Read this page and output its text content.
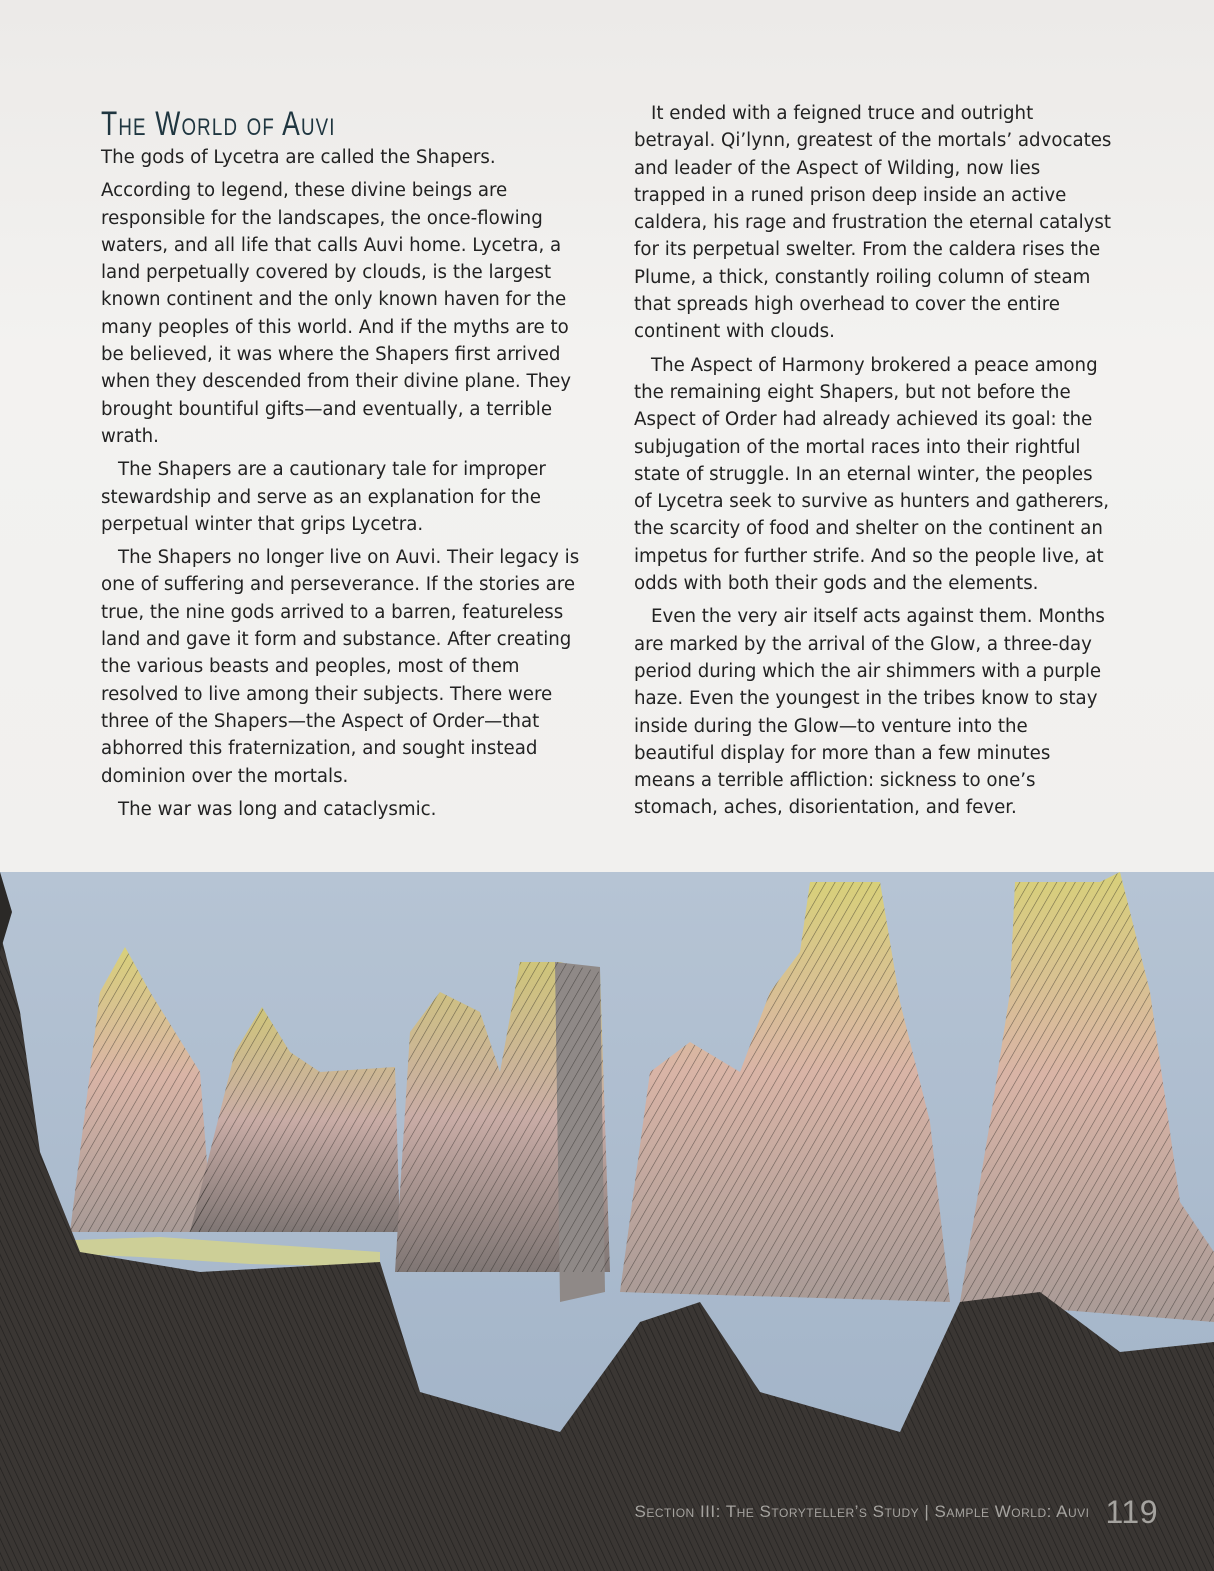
The World of Auvi

The gods of Lycetra are called the Shapers.

According to legend, these divine beings are responsible for the landscapes, the once-flowing waters, and all life that calls Auvi home. Lycetra, a land perpetually covered by clouds, is the largest known continent and the only known haven for the many peoples of this world. And if the myths are to be believed, it was where the Shapers first arrived when they descended from their divine plane. They brought bountiful gifts—and eventually, a terrible wrath.

The Shapers are a cautionary tale for improper stewardship and serve as an explanation for the perpetual winter that grips Lycetra.

The Shapers no longer live on Auvi. Their legacy is one of suffering and perseverance. If the stories are true, the nine gods arrived to a barren, featureless land and gave it form and substance. After creating the various beasts and peoples, most of them resolved to live among their subjects. There were three of the Shapers—the Aspect of Order—that abhorred this fraternization, and sought instead dominion over the mortals.

The war was long and cataclysmic.

It ended with a feigned truce and outright betrayal. Qi’lynn, greatest of the mortals’ advocates and leader of the Aspect of Wilding, now lies trapped in a runed prison deep inside an active caldera, his rage and frustration the eternal catalyst for its perpetual swelter. From the caldera rises the Plume, a thick, constantly roiling column of steam that spreads high overhead to cover the entire continent with clouds.

The Aspect of Harmony brokered a peace among the remaining eight Shapers, but not before the Aspect of Order had already achieved its goal: the subjugation of the mortal races into their rightful state of struggle. In an eternal winter, the peoples of Lycetra seek to survive as hunters and gatherers, the scarcity of food and shelter on the continent an impetus for further strife. And so the people live, at odds with both their gods and the elements.

Even the very air itself acts against them. Months are marked by the arrival of the Glow, a three-day period during which the air shimmers with a purple haze. Even the youngest in the tribes know to stay inside during the Glow—to venture into the beautiful display for more than a few minutes means a terrible affliction: sickness to one’s stomach, aches, disorientation, and fever.

Section III: The Storyteller’s Study | Sample World: Auvi 119
